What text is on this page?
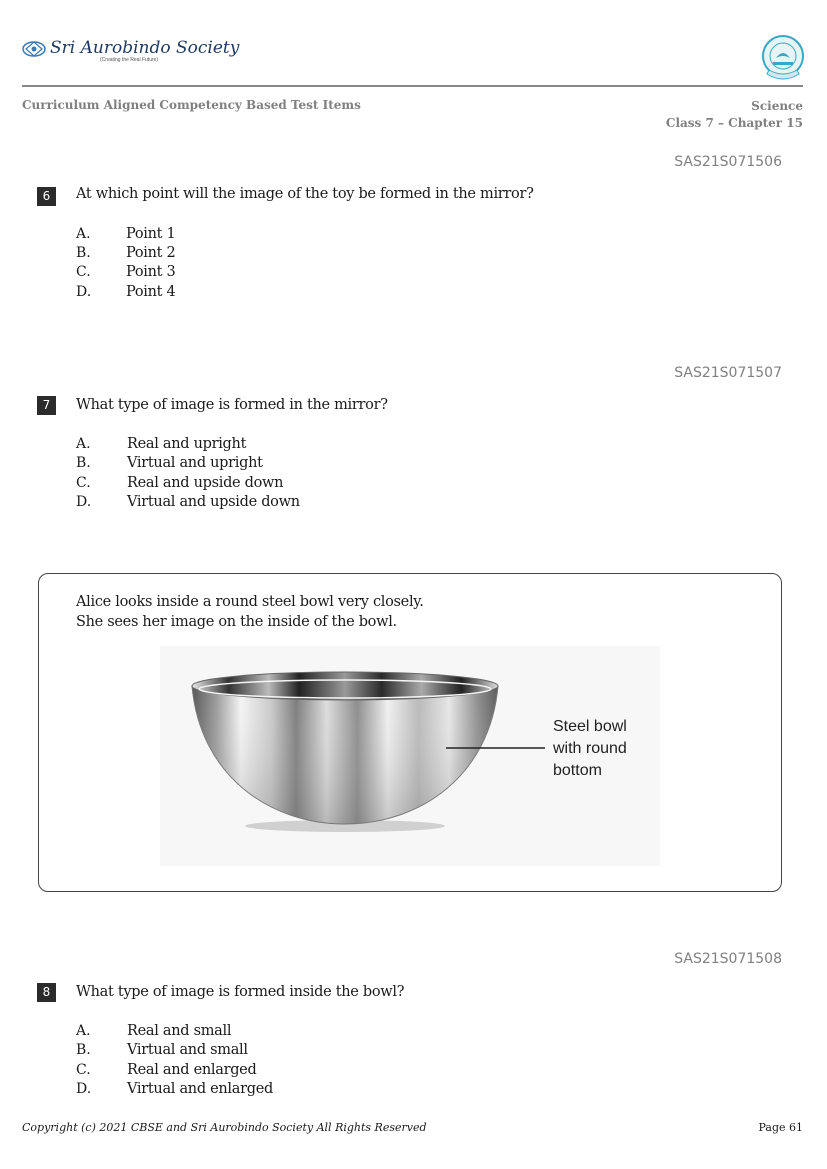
Sri Aurobindo Society
(Creating the Real Future)
Curriculum Aligned Competency Based Test Items	Science
Class 7 – Chapter 15
SAS21S071506
6	At which point will the image of the toy be formed in the mirror?
A. Point 1
B. Point 2
C. Point 3
D. Point 4
SAS21S071507
7	What type of image is formed in the mirror?
A.	Real and upright
B.	Virtual and upright
C.	Real and upside down
D. Virtual and upside down
Alice looks inside a round steel bowl very closely.
She sees her image on the inside of the bowl.
Steel bowl
with round
bottom
SAS21S071508
8	What type of image is formed inside the bowl?
A.	Real and small
B.	Virtual and small
C.	Real and enlarged
D. Virtual and enlarged
Copyright (c) 2021 CBSE and Sri Aurobindo Society All Rights Reserved	Page 61
